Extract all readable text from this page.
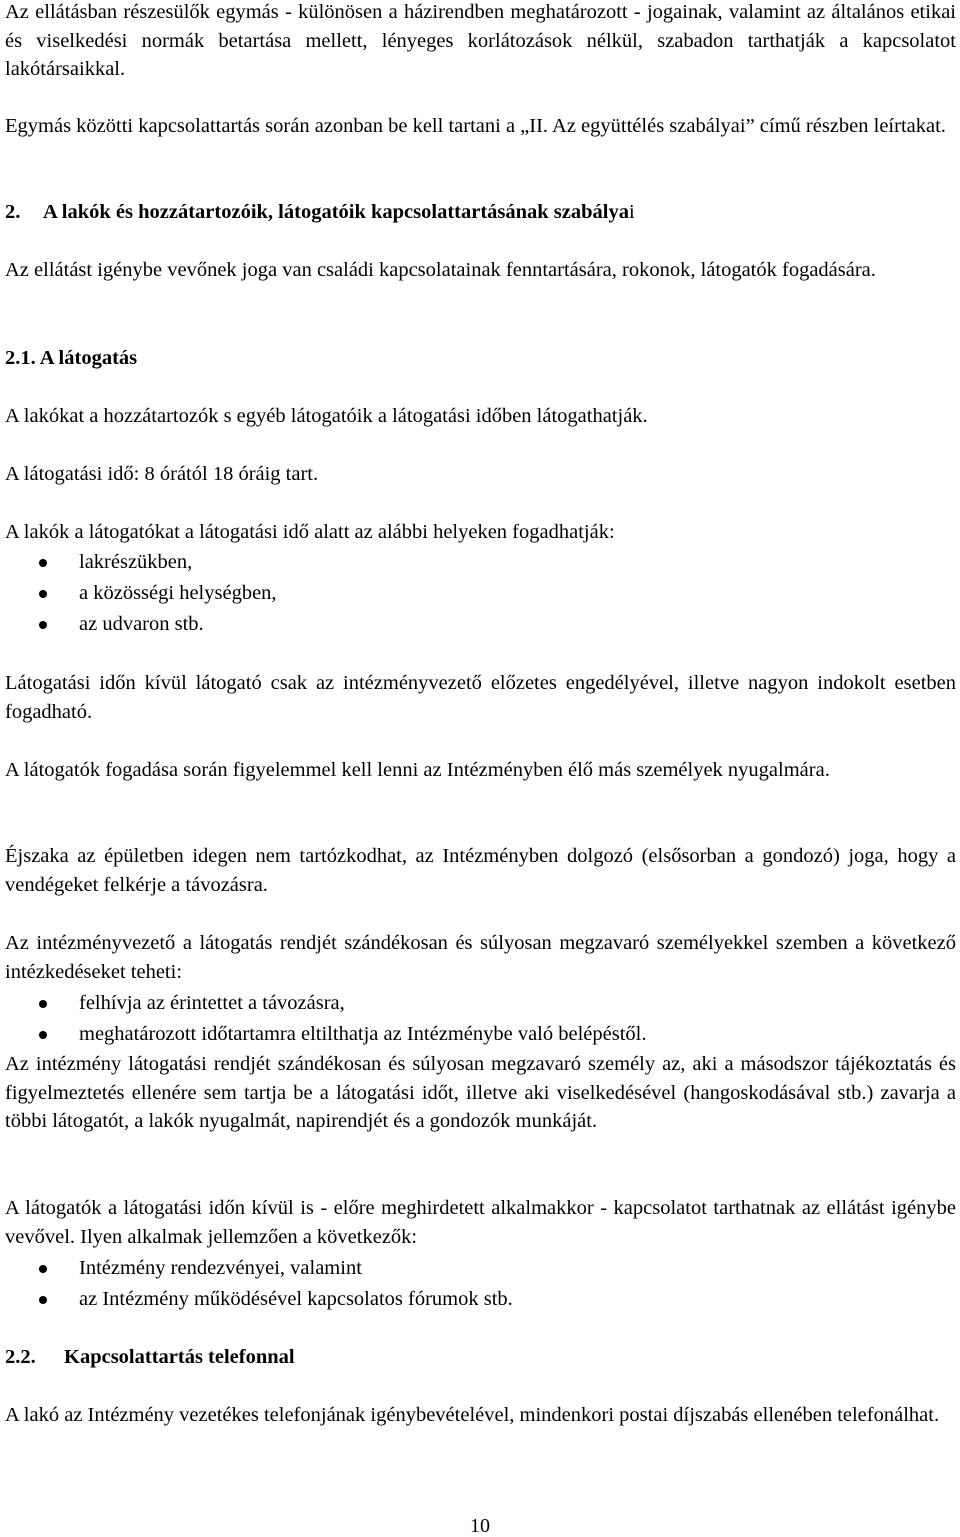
Az ellátásban részesülők egymás - különösen a házirendben meghatározott - jogainak, valamint az általános etikai és viselkedési normák betartása mellett, lényeges korlátozások nélkül, szabadon tarthatják a kapcsolatot lakótársaikkal.

Egymás közötti kapcsolattartás során azonban be kell tartani a „II. Az együttélés szabályai” című részben leírtakat.

2. A lakók és hozzátartozóik, látogatóik kapcsolattartásának szabályai

Az ellátást igénybe vevőnek joga van családi kapcsolatainak fenntartására, rokonok, látogatók fogadására.

2.1. A látogatás

A lakókat a hozzátartozók s egyéb látogatóik a látogatási időben látogathatják.

A látogatási idő: 8 órától 18 óráig tart.

A lakók a látogatókat a látogatási idő alatt az alábbi helyeken fogadhatják:

lakrészükben,
a közösségi helységben,
az udvaron stb.

Látogatási időn kívül látogató csak az intézményvezető előzetes engedélyével, illetve nagyon indokolt esetben fogadható.

A látogatók fogadása során figyelemmel kell lenni az Intézményben élő más személyek nyugalmára.

Éjszaka az épületben idegen nem tartózkodhat, az Intézményben dolgozó (elsősorban a gondozó) joga, hogy a vendégeket felkérje a távozásra.

Az intézményvezető a látogatás rendjét szándékosan és súlyosan megzavaró személyekkel szemben a következő intézkedéseket teheti:

felhívja az érintettet a távozásra,
meghatározott időtartamra eltilthatja az Intézménybe való belépéstől.

Az intézmény látogatási rendjét szándékosan és súlyosan megzavaró személy az, aki a másodszor tájékoztatás és figyelmeztetés ellenére sem tartja be a látogatási időt, illetve aki viselkedésével (hangoskodásával stb.) zavarja a többi látogatót, a lakók nyugalmát, napirendjét és a gondozók munkáját.

A látogatók a látogatási időn kívül is - előre meghirdetett alkalmakkor - kapcsolatot tarthatnak az ellátást igénybe vevővel. Ilyen alkalmak jellemzően a következők:

Intézmény rendezvényei, valamint
az Intézmény működésével kapcsolatos fórumok stb.
2.2. Kapcsolattartás telefonnal

A lakó az Intézmény vezetékes telefonjának igénybevételével, mindenkori postai díjszabás ellenében telefonálhat.

10
